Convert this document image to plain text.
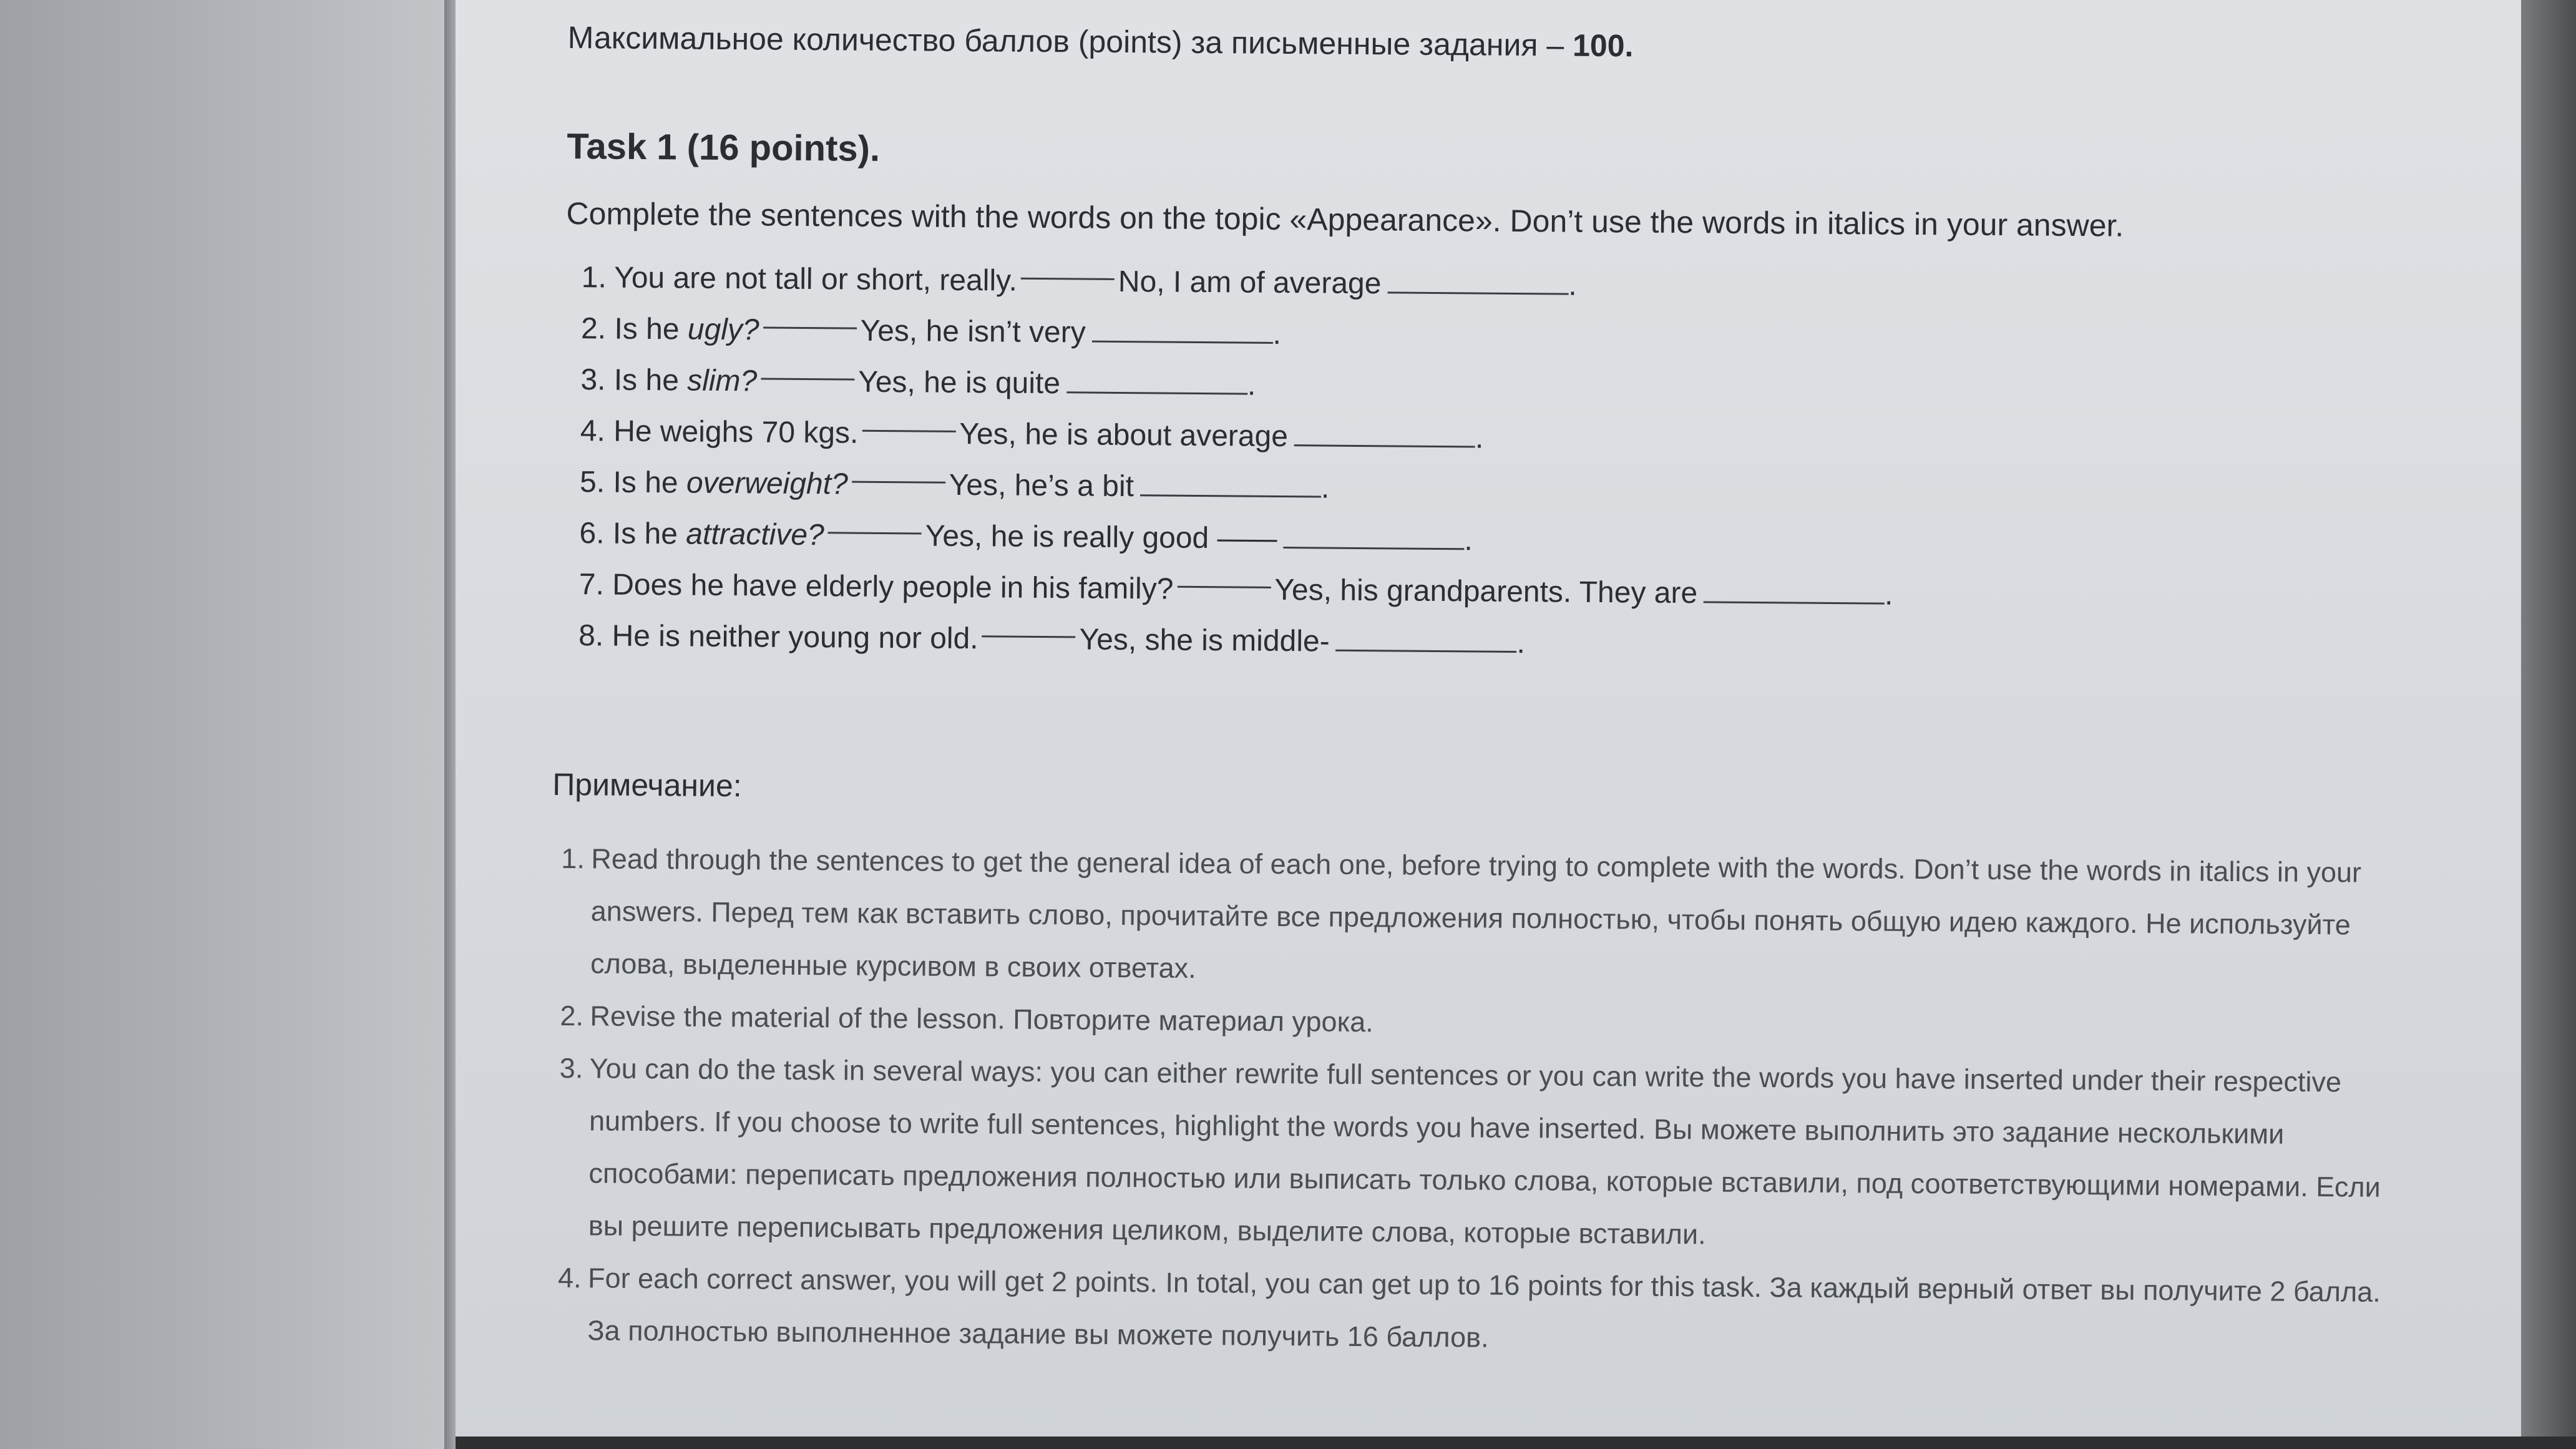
Максимальное количество баллов (points) за письменные задания – 100.

Task 1 (16 points).

Complete the sentences with the words on the topic «Appearance». Don’t use the words in italics in your answer.

1. You are not tall or short, really.	No, I am of average	.
2. Is he ugly?	Yes, he isn’t very	.
3. Is he slim?	Yes, he is quite	.
4. He weighs 70 kgs.	Yes, he is about average	.
5. Is he overweight?	Yes, he’s a bit	.
6. Is he attractive?	Yes, he is really good ——	.
7. Does he have elderly people in his family?	Yes, his grandparents. They are	.
8. He is neither young nor old.	Yes, she is middle-	.

Примечание:

1. Read through the sentences to get the general idea of each one, before trying to complete with the words. Don’t use the words in italics in your answers. Перед тем как вставить слово, прочитайте все предложения полностью, чтобы понять общую идею каждого. Не используйте слова, выделенные курсивом в своих ответах.
2. Revise the material of the lesson. Повторите материал урока.
3. You can do the task in several ways: you can either rewrite full sentences or you can write the words you have inserted under their respective numbers. If you choose to write full sentences, highlight the words you have inserted. Вы можете выполнить это задание несколькими способами: переписать предложения полностью или выписать только слова, которые вставили, под соответствующими номерами. Если вы решите переписывать предложения целиком, выделите слова, которые вставили.
4. For each correct answer, you will get 2 points. In total, you can get up to 16 points for this task. За каждый верный ответ вы получите 2 балла. За полностью выполненное задание вы можете получить 16 баллов.
